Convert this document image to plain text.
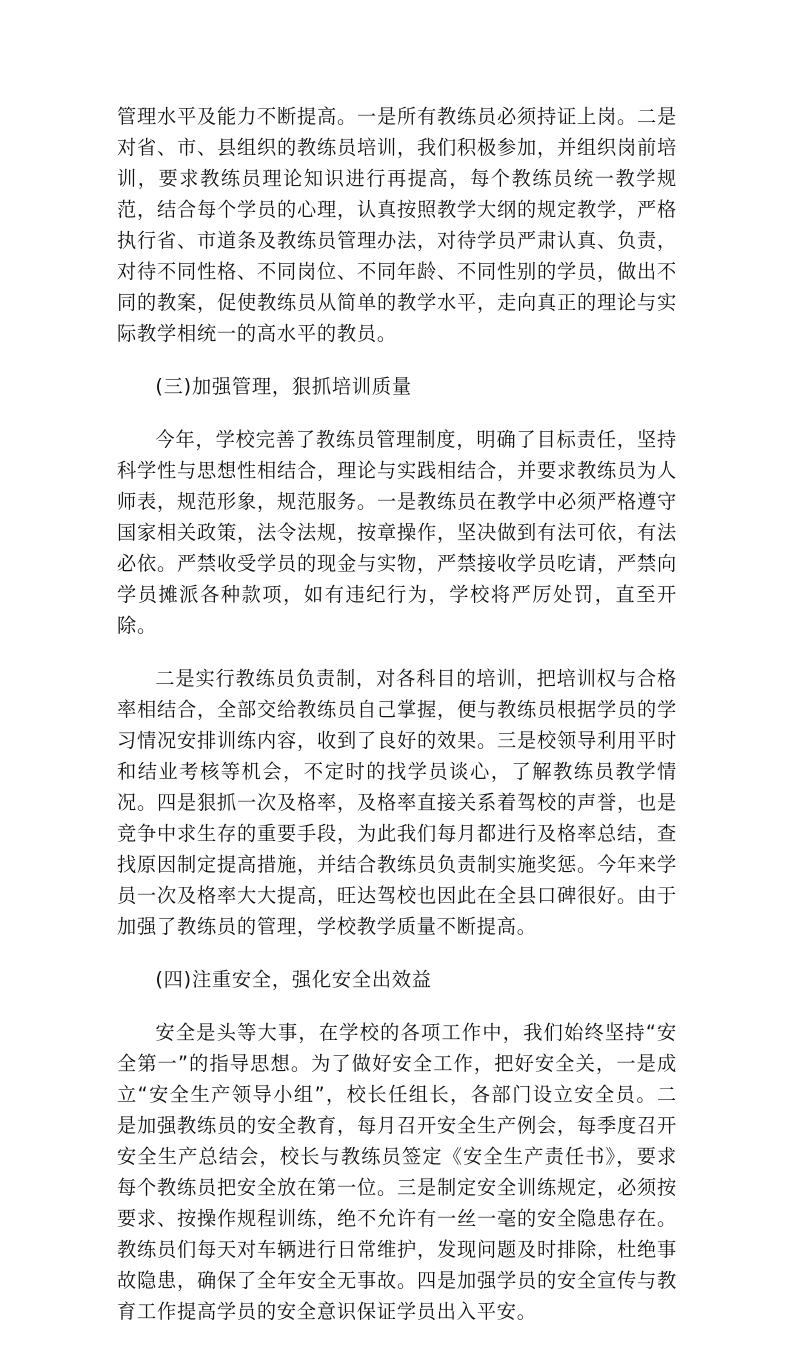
管理水平及能力不断提高。一是所有教练员必须持证上岗。二是对省、市、县组织的教练员培训，我们积极参加，并组织岗前培训，要求教练员理论知识进行再提高，每个教练员统一教学规范，结合每个学员的心理，认真按照教学大纲的规定教学，严格执行省、市道条及教练员管理办法，对待学员严肃认真、负责，对待不同性格、不同岗位、不同年龄、不同性别的学员，做出不同的教案，促使教练员从简单的教学水平，走向真正的理论与实际教学相统一的高水平的教员。

(三)加强管理，狠抓培训质量

今年，学校完善了教练员管理制度，明确了目标责任，坚持科学性与思想性相结合，理论与实践相结合，并要求教练员为人师表，规范形象，规范服务。一是教练员在教学中必须严格遵守国家相关政策，法令法规，按章操作，坚决做到有法可依，有法必依。严禁收受学员的现金与实物，严禁接收学员吃请，严禁向学员摊派各种款项，如有违纪行为，学校将严厉处罚，直至开除。

二是实行教练员负责制，对各科目的培训，把培训权与合格率相结合，全部交给教练员自己掌握，便与教练员根据学员的学习情况安排训练内容，收到了良好的效果。三是校领导利用平时和结业考核等机会，不定时的找学员谈心，了解教练员教学情况。四是狠抓一次及格率，及格率直接关系着驾校的声誉，也是竞争中求生存的重要手段，为此我们每月都进行及格率总结，查找原因制定提高措施，并结合教练员负责制实施奖惩。今年来学员一次及格率大大提高，旺达驾校也因此在全县口碑很好。由于加强了教练员的管理，学校教学质量不断提高。

(四)注重安全，强化安全出效益

安全是头等大事，在学校的各项工作中，我们始终坚持“安全第一”的指导思想。为了做好安全工作，把好安全关，一是成立“安全生产领导小组”，校长任组长，各部门设立安全员。二是加强教练员的安全教育，每月召开安全生产例会，每季度召开安全生产总结会，校长与教练员签定《安全生产责任书》，要求每个教练员把安全放在第一位。三是制定安全训练规定，必须按要求、按操作规程训练，绝不允许有一丝一毫的安全隐患存在。教练员们每天对车辆进行日常维护，发现问题及时排除，杜绝事故隐患，确保了全年安全无事故。四是加强学员的安全宣传与教育工作提高学员的安全意识保证学员出入平安。
